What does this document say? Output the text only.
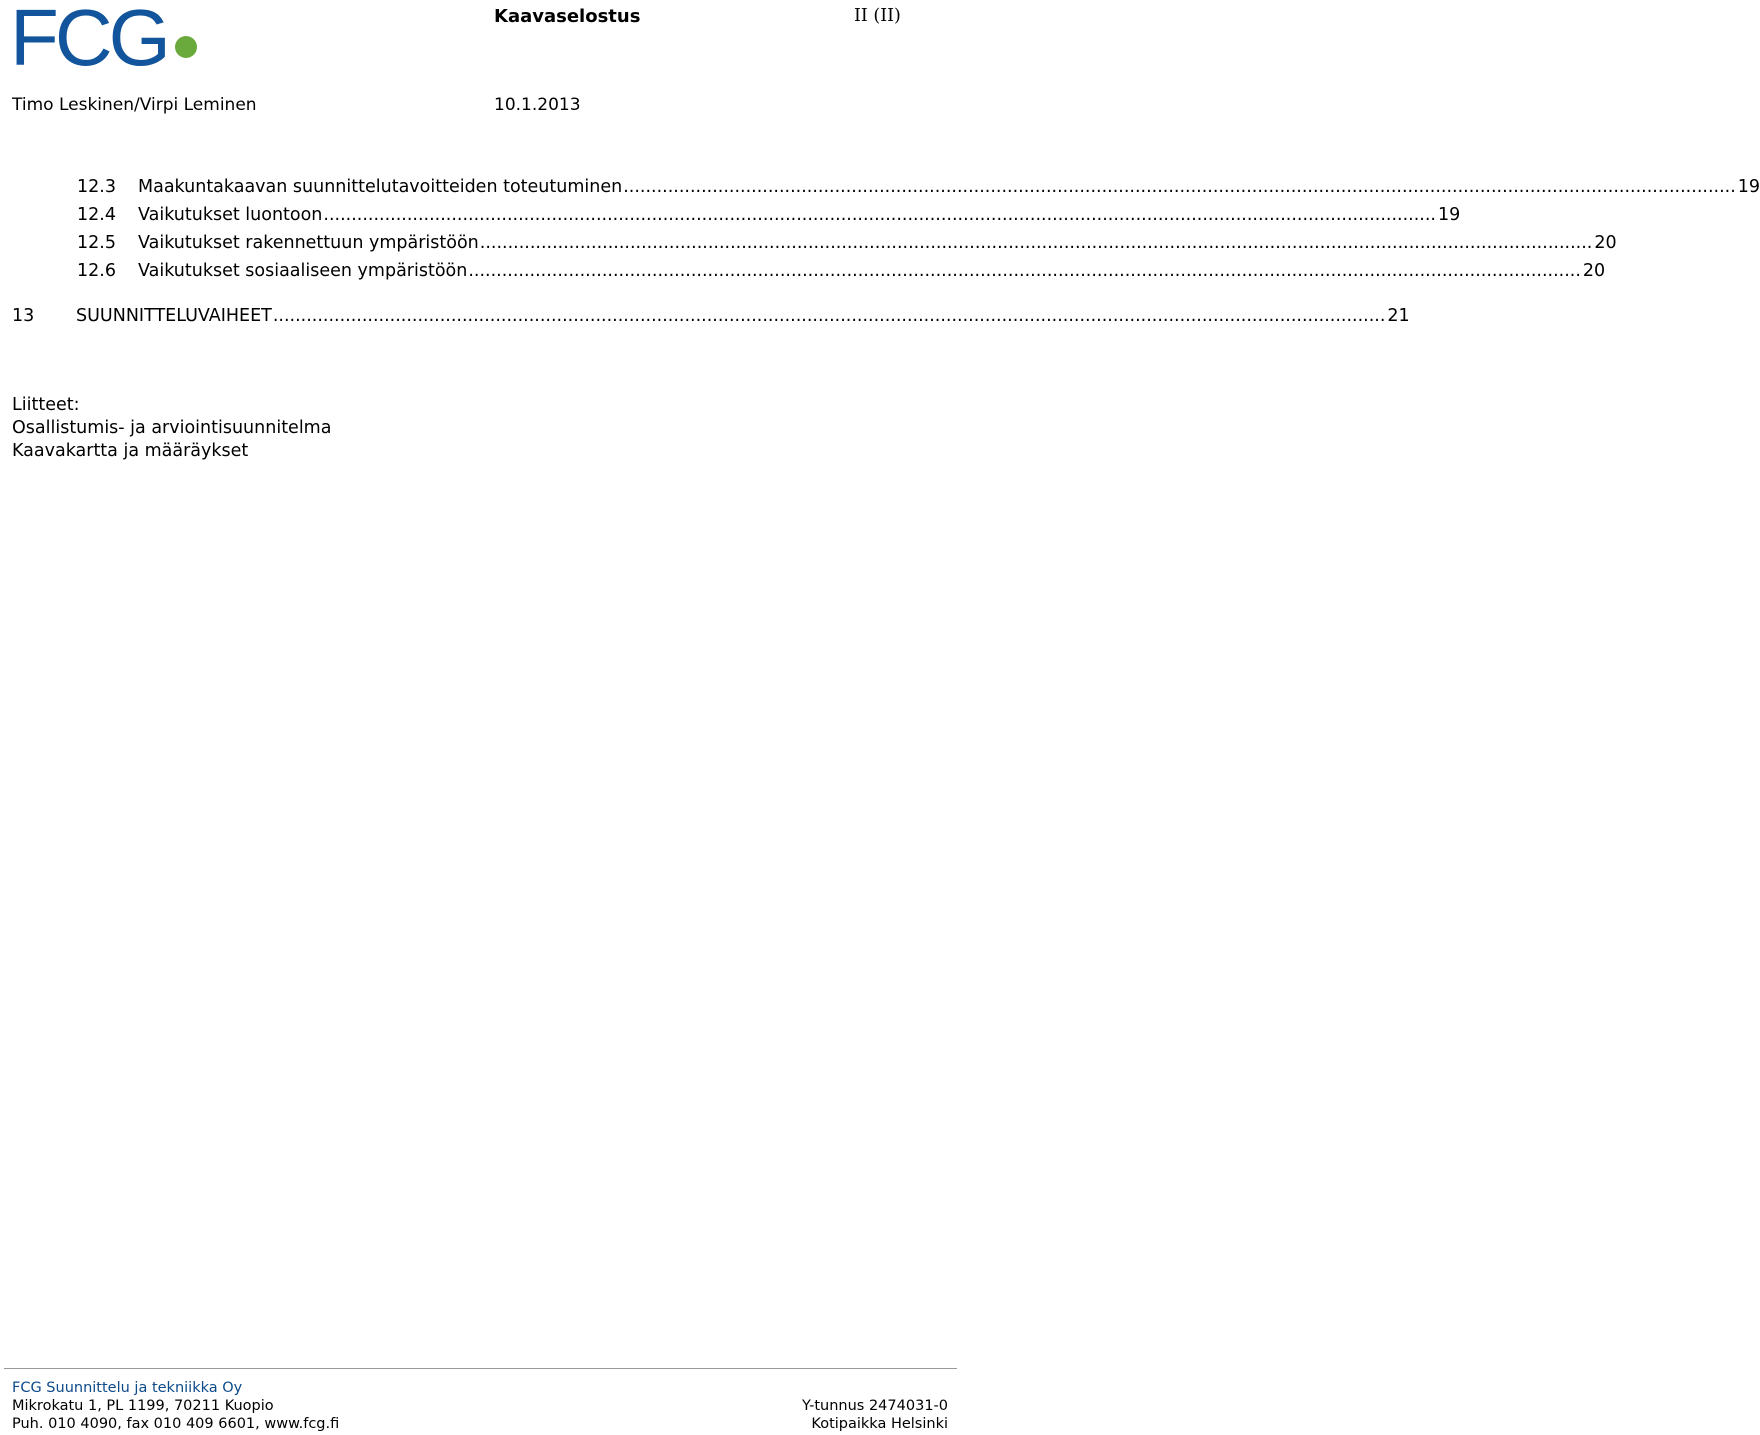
FCG	Kaavaselostus	II (II)
Timo Leskinen/Virpi Leminen	10.1.2013
12.3	Maakuntakaavan suunnittelutavoitteiden toteutuminen ........................................................................................................................................................................................................ 19
12.4	Vaikutukset luontoon ........................................................................................................................................................................................................ 19
12.5	Vaikutukset rakennettuun ympäristöön ........................................................................................................................................................................................................ 20
12.6	Vaikutukset sosiaaliseen ympäristöön ........................................................................................................................................................................................................ 20
13	SUUNNITTELUVAIHEET ........................................................................................................................................................................................................ 21
Liitteet:
Osallistumis- ja arviointisuunnitelma
Kaavakartta ja määräykset
FCG Suunnittelu ja tekniikka Oy
Mikrokatu 1, PL 1199, 70211 Kuopio
Puh. 010 4090, fax 010 409 6601, www.fcg.fi
Y-tunnus 2474031-0
Kotipaikka Helsinki
